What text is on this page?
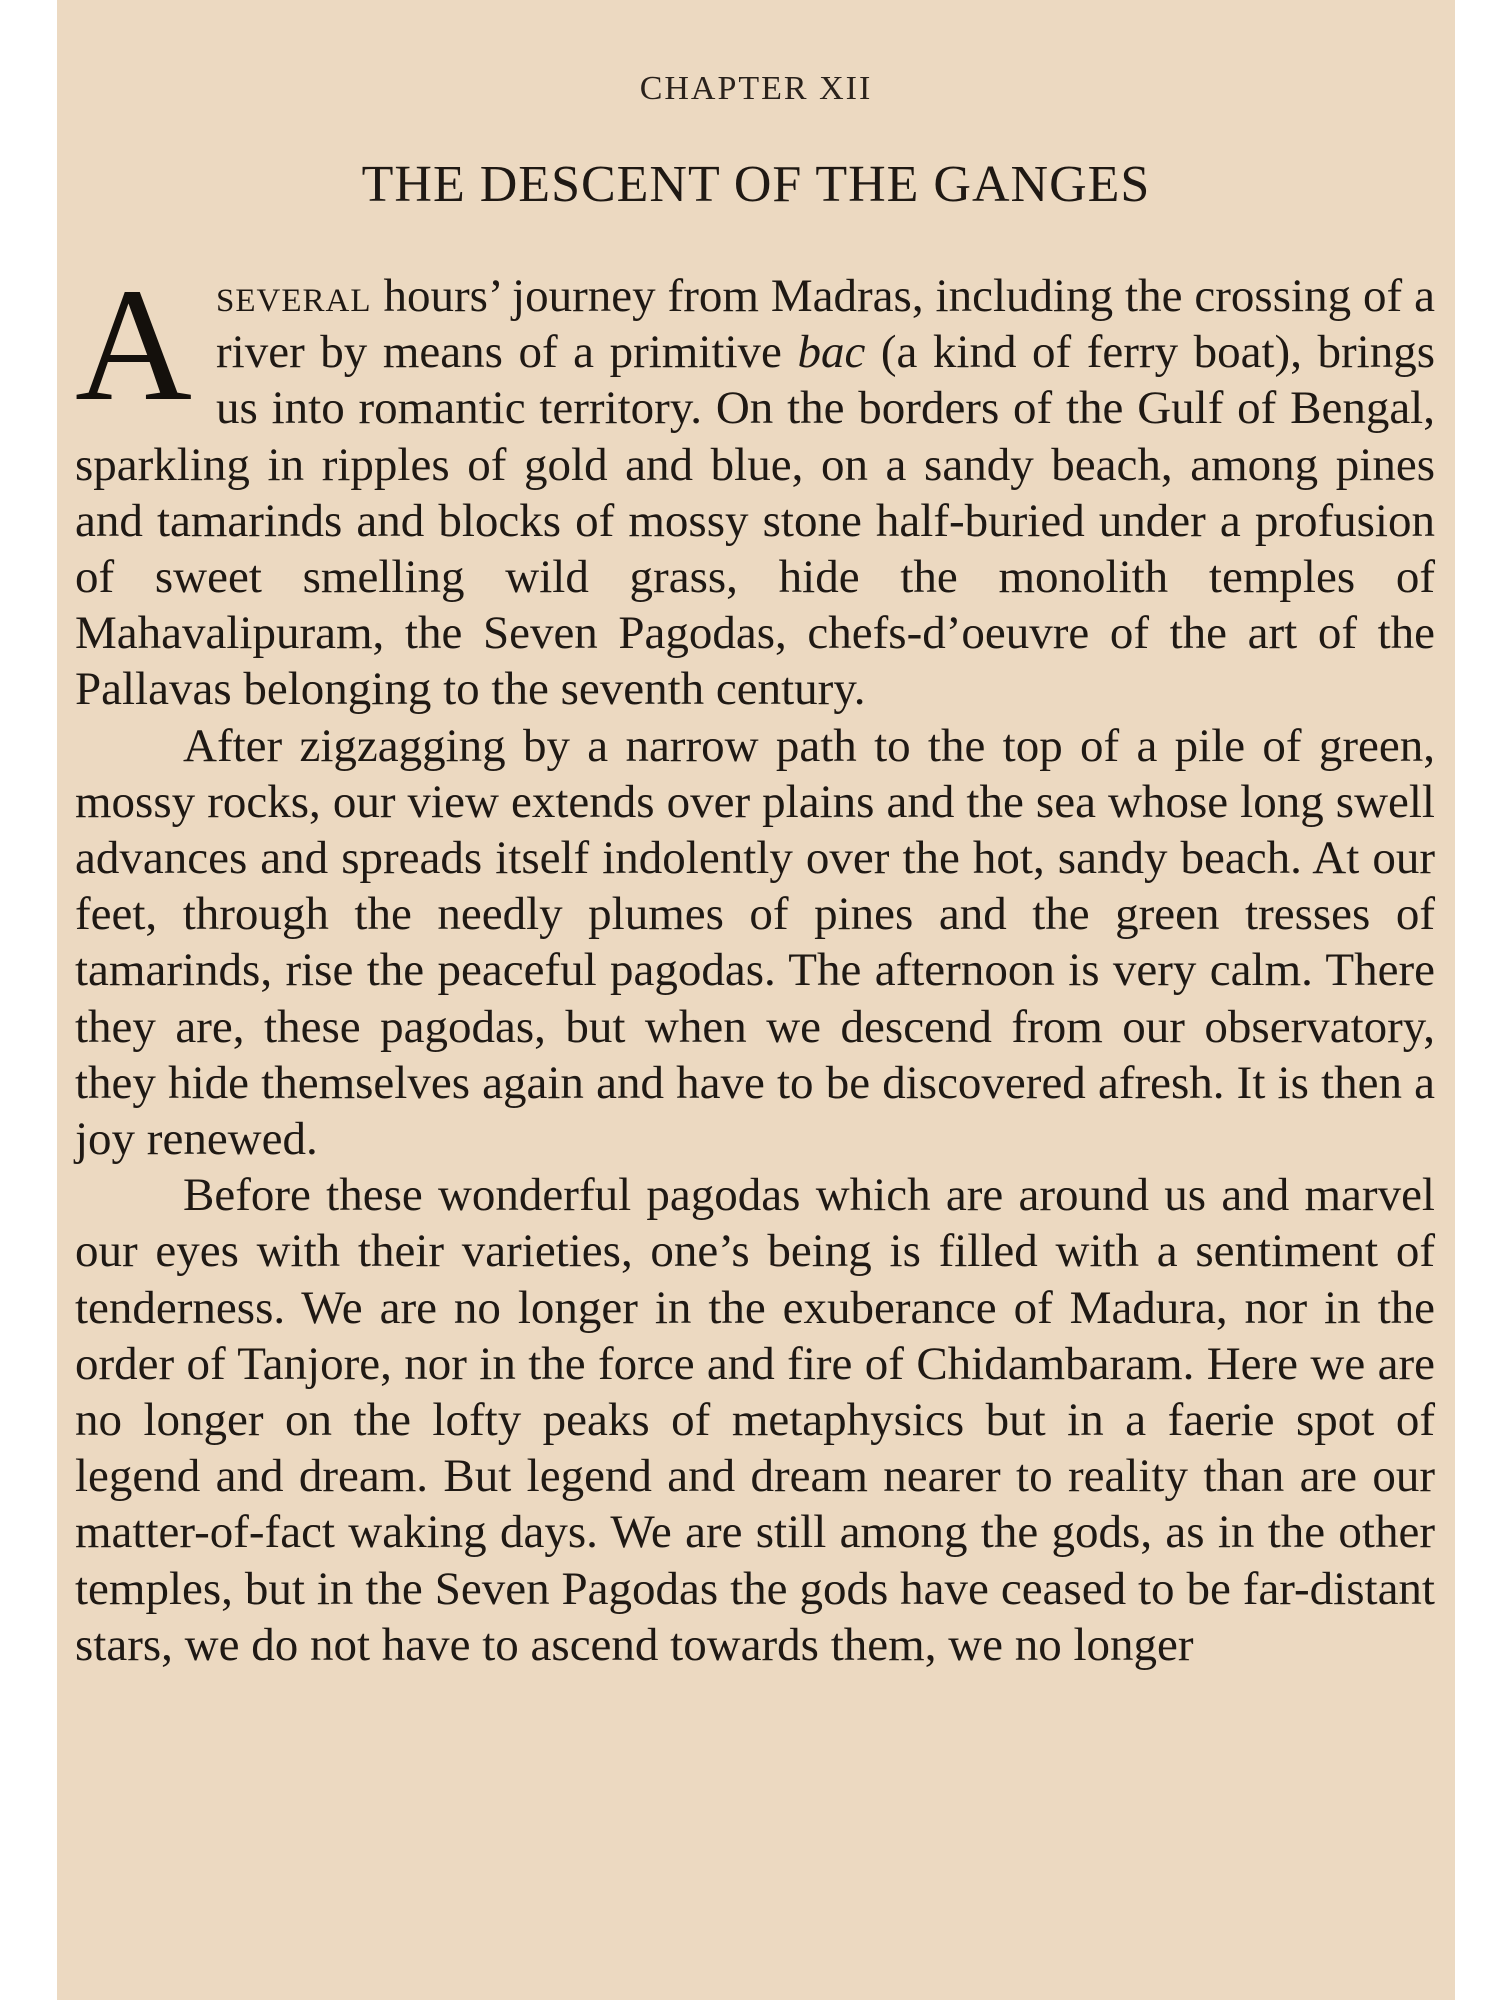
CHAPTER XII
THE DESCENT OF THE GANGES

Aseveral hours’ journey from Madras, including the crossing of a river by means of a primitive bac (a kind of ferry boat), brings us into romantic territory. On the borders of the Gulf of Bengal, sparkling in ripples of gold and blue, on a sandy beach, among pines and tamarinds and blocks of mossy stone half-buried under a profusion of sweet smelling wild grass, hide the monolith temples of Mahavalipuram, the Seven Pagodas, chefs-d’oeuvre of the art of the Pallavas belonging to the seventh century.

After zigzagging by a narrow path to the top of a pile of green, mossy rocks, our view extends over plains and the sea whose long swell advances and spreads itself indolently over the hot, sandy beach. At our feet, through the needly plumes of pines and the green tresses of tamarinds, rise the peaceful pagodas. The afternoon is very calm. There they are, these pagodas, but when we descend from our observatory, they hide themselves again and have to be discovered afresh. It is then a joy renewed.

Before these wonderful pagodas which are around us and marvel our eyes with their varieties, one’s being is filled with a sentiment of tenderness. We are no longer in the exuberance of Madura, nor in the order of Tanjore, nor in the force and fire of Chidambaram. Here we are no longer on the lofty peaks of metaphysics but in a faerie spot of legend and dream. But legend and dream nearer to reality than are our matter-of-fact waking days. We are still among the gods, as in the other temples, but in the Seven Pagodas the gods have ceased to be far-distant stars, we do not have to ascend towards them, we no longer
